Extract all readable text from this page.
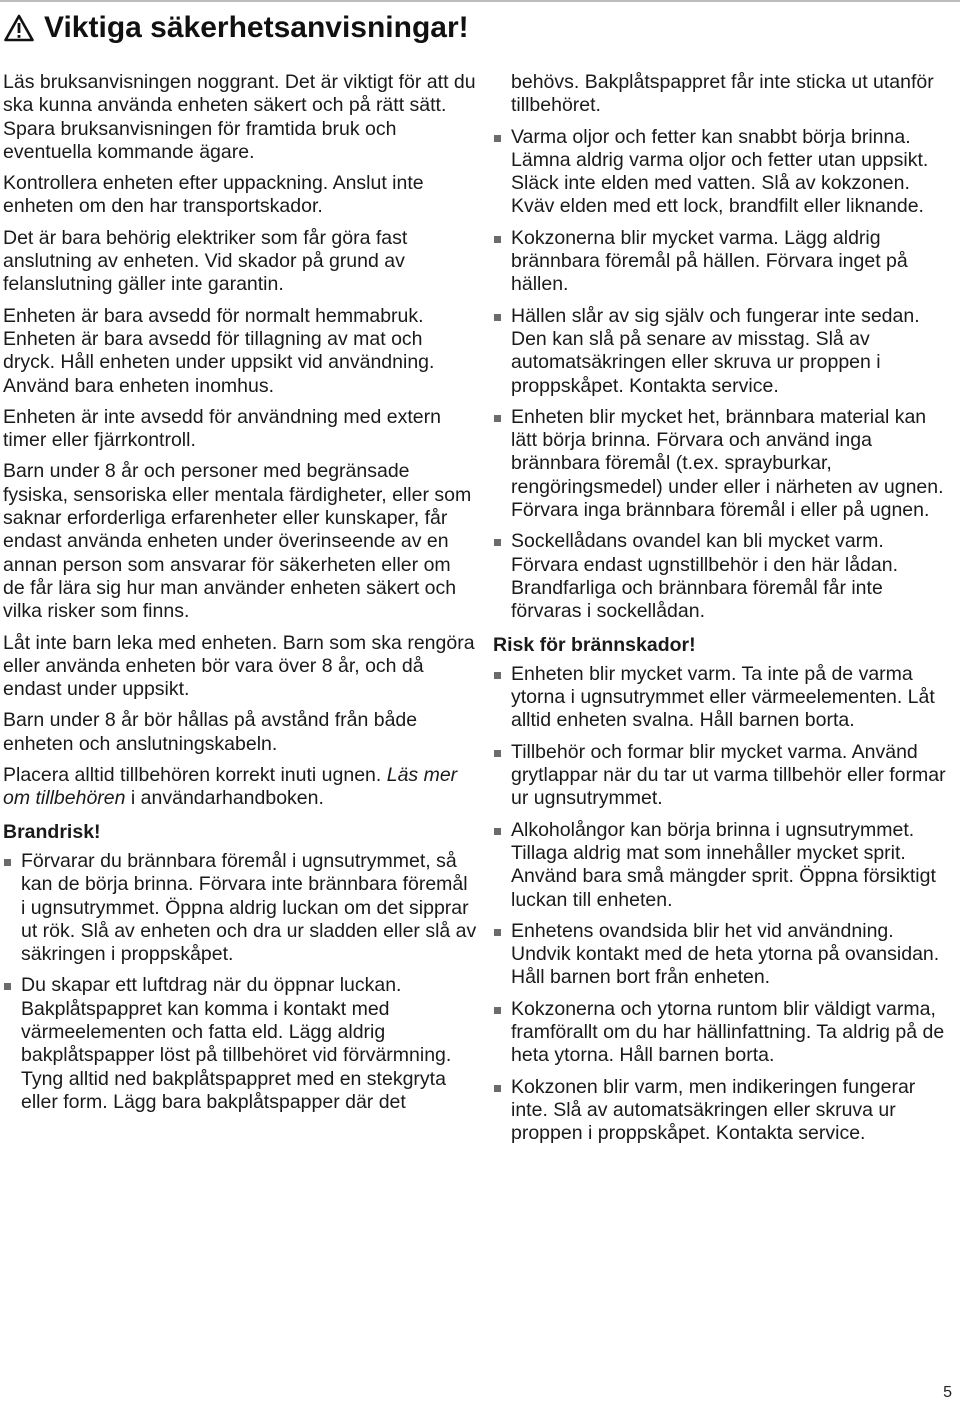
Viktiga säkerhetsanvisningar!

Läs bruksanvisningen noggrant. Det är viktigt för att du ska kunna använda enheten säkert och på rätt sätt. Spara bruksanvisningen för framtida bruk och eventuella kommande ägare.

Kontrollera enheten efter uppackning. Anslut inte enheten om den har transportskador.

Det är bara behörig elektriker som får göra fast anslutning av enheten. Vid skador på grund av felanslutning gäller inte garantin.

Enheten är bara avsedd för normalt hemmabruk. Enheten är bara avsedd för tillagning av mat och dryck. Håll enheten under uppsikt vid användning. Använd bara enheten inomhus.

Enheten är inte avsedd för användning med extern timer eller fjärrkontroll.

Barn under 8 år och personer med begränsade fysiska, sensoriska eller mentala färdigheter, eller som saknar erforderliga erfarenheter eller kunskaper, får endast använda enheten under överinseende av en annan person som ansvarar för säkerheten eller om de får lära sig hur man använder enheten säkert och vilka risker som finns.

Låt inte barn leka med enheten. Barn som ska rengöra eller använda enheten bör vara över 8 år, och då endast under uppsikt.

Barn under 8 år bör hållas på avstånd från både enheten och anslutningskabeln.

Placera alltid tillbehören korrekt inuti ugnen. Läs mer om tillbehören i användarhandboken.

Brandrisk!
Förvarar du brännbara föremål i ugnsutrymmet, så kan de börja brinna. Förvara inte brännbara föremål i ugnsutrymmet. Öppna aldrig luckan om det sipprar ut rök. Slå av enheten och dra ur sladden eller slå av säkringen i proppskåpet.
Du skapar ett luftdrag när du öppnar luckan. Bakplåtspappret kan komma i kontakt med värmeelementen och fatta eld. Lägg aldrig bakplåtspapper löst på tillbehöret vid förvärmning. Tyng alltid ned bakplåtspappret med en stekgryta eller form. Lägg bara bakplåtspapper där det

behövs. Bakplåtspappret får inte sticka ut utanför tillbehöret.

Varma oljor och fetter kan snabbt börja brinna. Lämna aldrig varma oljor och fetter utan uppsikt. Släck inte elden med vatten. Slå av kokzonen. Kväv elden med ett lock, brandfilt eller liknande.
Kokzonerna blir mycket varma. Lägg aldrig brännbara föremål på hällen. Förvara inget på hällen.
Hällen slår av sig själv och fungerar inte sedan. Den kan slå på senare av misstag. Slå av automatsäkringen eller skruva ur proppen i proppskåpet. Kontakta service.
Enheten blir mycket het, brännbara material kan lätt börja brinna. Förvara och använd inga brännbara föremål (t.ex. sprayburkar, rengöringsmedel) under eller i närheten av ugnen. Förvara inga brännbara föremål i eller på ugnen.
Sockellådans ovandel kan bli mycket varm. Förvara endast ugnstillbehör i den här lådan. Brandfarliga och brännbara föremål får inte förvaras i sockellådan.
Risk för brännskador!
Enheten blir mycket varm. Ta inte på de varma ytorna i ugnsutrymmet eller värmeelementen. Låt alltid enheten svalna. Håll barnen borta.
Tillbehör och formar blir mycket varma. Använd grytlappar när du tar ut varma tillbehör eller formar ur ugnsutrymmet.
Alkoholångor kan börja brinna i ugnsutrymmet. Tillaga aldrig mat som innehåller mycket sprit. Använd bara små mängder sprit. Öppna försiktigt luckan till enheten.
Enhetens ovandsida blir het vid användning. Undvik kontakt med de heta ytorna på ovansidan. Håll barnen bort från enheten.
Kokzonerna och ytorna runtom blir väldigt varma, framförallt om du har hällinfattning. Ta aldrig på de heta ytorna. Håll barnen borta.
Kokzonen blir varm, men indikeringen fungerar inte. Slå av automatsäkringen eller skruva ur proppen i proppskåpet. Kontakta service.
5
